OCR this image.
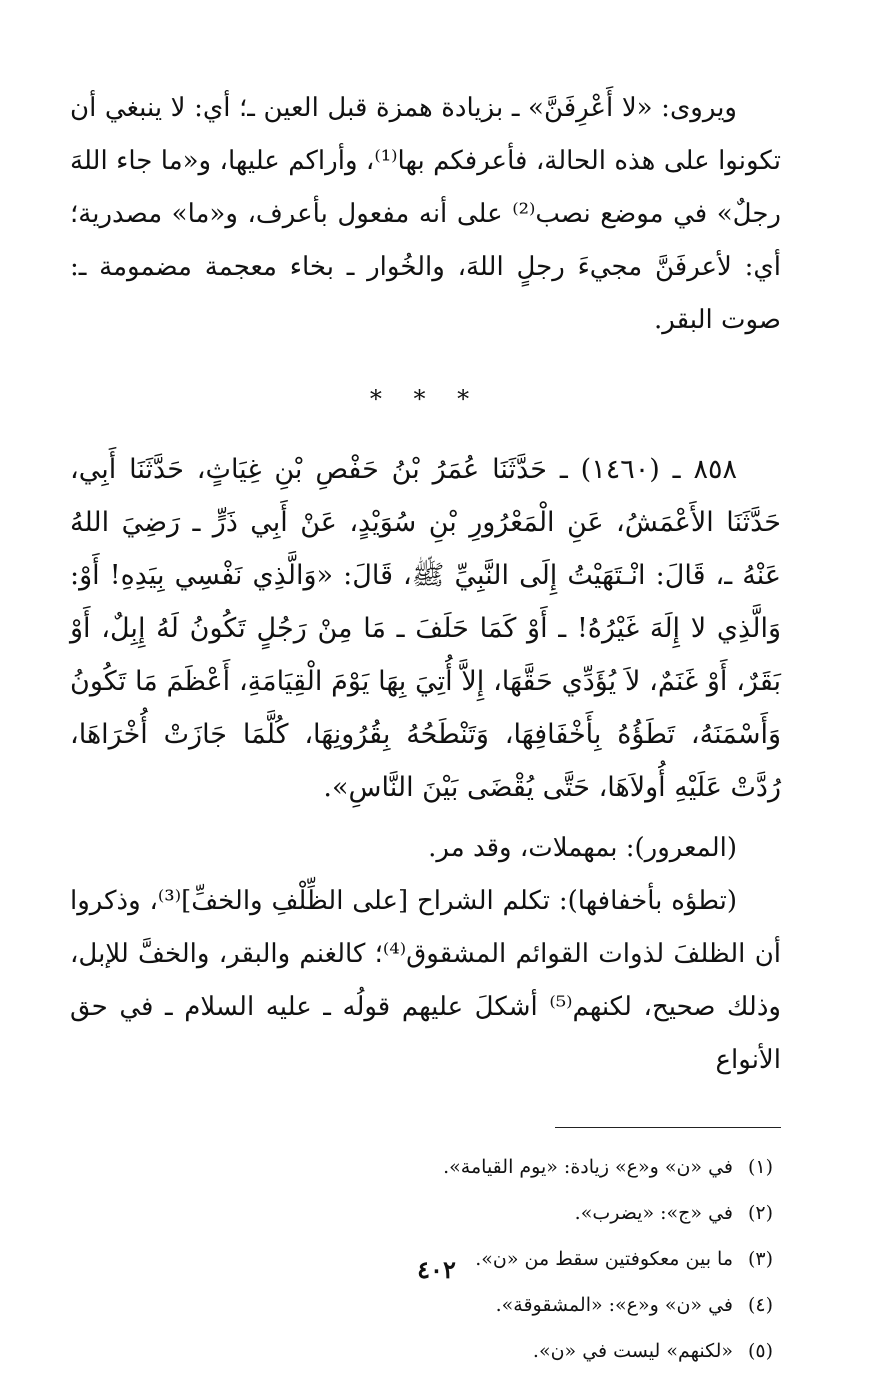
ويروى: «لا أَعْرِفَنَّ» ـ بزيادة همزة قبل العين ـ؛ أي: لا ينبغي أن تكونوا على هذه الحالة، فأعرفكم بها⁽¹⁾، وأراكم عليها، و«ما جاء اللهَ رجلٌ» في موضع نصب⁽²⁾ على أنه مفعول بأعرف، و«ما» مصدرية؛ أي: لأعرفَنَّ مجيءَ رجلٍ اللهَ، والخُوار ـ بخاء معجمة مضمومة ـ: صوت البقر.

* * *

٨٥٨ ـ (١٤٦٠) ـ حَدَّثَنَا عُمَرُ بْنُ حَفْصِ بْنِ غِيَاثٍ، حَدَّثَنَا أَبِي، حَدَّثَنَا الأَعْمَشُ، عَنِ الْمَعْرُورِ بْنِ سُوَيْدٍ، عَنْ أَبِي ذَرٍّ ـ رَضِيَ اللهُ عَنْهُ ـ، قَالَ: انْـتَهَيْتُ إِلَى النَّبِيِّ ﷺ، قَالَ: «وَالَّذِي نَفْسِي بِيَدِهِ! أَوْ: وَالَّذِي لا إِلَهَ غَيْرُهُ! ـ أَوْ كَمَا حَلَفَ ـ مَا مِنْ رَجُلٍ تَكُونُ لَهُ إِبِلٌ، أَوْ بَقَرٌ، أَوْ غَنَمٌ، لاَ يُؤَدِّي حَقَّهَا، إِلاَّ أُتِيَ بِهَا يَوْمَ الْقِيَامَةِ، أَعْظَمَ مَا تَكُونُ وَأَسْمَنَهُ، تَطَؤُهُ بِأَخْفَافِهَا، وَتَنْطَحُهُ بِقُرُونِهَا، كُلَّمَا جَازَتْ أُخْرَاهَا، رُدَّتْ عَلَيْهِ أُولاَهَا، حَتَّى يُقْضَى بَيْنَ النَّاسِ».

(المعرور): بمهملات، وقد مر.

(تطؤه بأخفافها): تكلم الشراح [على الظِّلْفِ والخفِّ]⁽³⁾، وذكروا أن الظلفَ لذوات القوائم المشقوق⁽⁴⁾؛ كالغنم والبقر، والخفَّ للإبل، وذلك صحيح، لكنهم⁽⁵⁾ أشكلَ عليهم قولُه ـ عليه السلام ـ في حق الأنواع

(١)
في «ن» و«ع» زيادة: «يوم القيامة».
(٢)
في «ج»: «يضرب».
(٣)
ما بين معكوفتين سقط من «ن».
(٤)
في «ن» و«ع»: «المشقوقة».
(٥)
«لكنهم» ليست في «ن».
٤٠٢
